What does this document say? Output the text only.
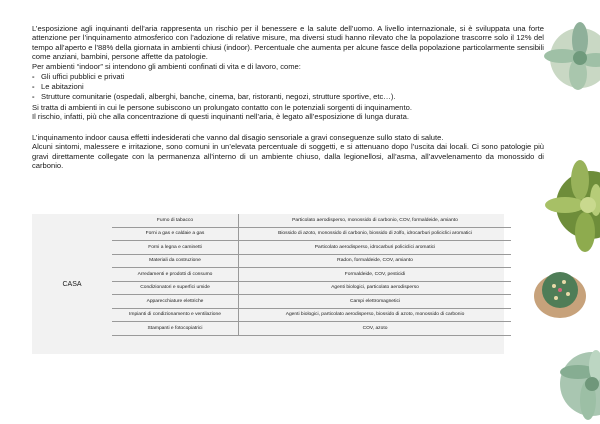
L’esposizione agli inquinanti dell’aria rappresenta un rischio per il benessere e la salute dell’uomo. A livello internazionale, si è sviluppata una forte attenzione per l’inquinamento atmosferico con l’adozione di relative misure, ma diversi studi hanno rilevato che la popolazione trascorre solo il 12% del tempo all’aperto e l’88% della giornata in ambienti chiusi (indoor). Percentuale che aumenta per alcune fasce della popolazione particolarmente sensibili come anziani, bambini, persone affette da patologie.

Per ambienti “indoor” si intendono gli ambienti confinati di vita e di lavoro, come:

- Gli uffici pubblici e privati
- Le abitazioni
- Strutture comunitarie (ospedali, alberghi, banche, cinema, bar, ristoranti, negozi, strutture sportive, etc…).

Si tratta di ambienti in cui le persone subiscono un prolungato contatto con le potenziali sorgenti di inquinamento.

Il rischio, infatti, più che alla concentrazione di questi inquinanti nell’aria, è legato all’esposizione di lunga durata.

L’inquinamento indoor causa effetti indesiderati che vanno dal disagio sensoriale a gravi conseguenze sullo stato di salute.

Alcuni sintomi, malessere e irritazione, sono comuni in un’elevata percentuale di soggetti, e si attenuano dopo l’uscita dai locali. Ci sono patologie più gravi direttamente collegate con la permanenza all’interno di un ambiente chiuso, dalla legionellosi, all’asma, all’avvelenamento da monossido di carbonio.

CASA
Fumo di tabacco	Particolato aerodisperso, monossido di carbonio, COV, formaldeide, amianto
Forni a gas e caldaie a gas	Biossido di azoto, monossido di carbonio, biossido di zolfo, idrocarburi policiclici aromatici
Forni a legna e caminetti	Particolato aerodisperso, idrocarburi policiclici aromatici
Materiali da costruzione	Radon, formaldeide, COV, amianto
Arredamenti e prodotti di consumo	Formaldeide, COV, pesticidi
Condizionatori e superfici umide	Agenti biologici, particolato aerodisperso
Apparecchiature elettriche	Campi elettromagnetici
Impianti di condizionamento e ventilazione	Agenti biologici, particolato aerodisperso, biossido di azoto, monossido di carbonio
Stampanti e fotocopiatrici	COV, azoto
